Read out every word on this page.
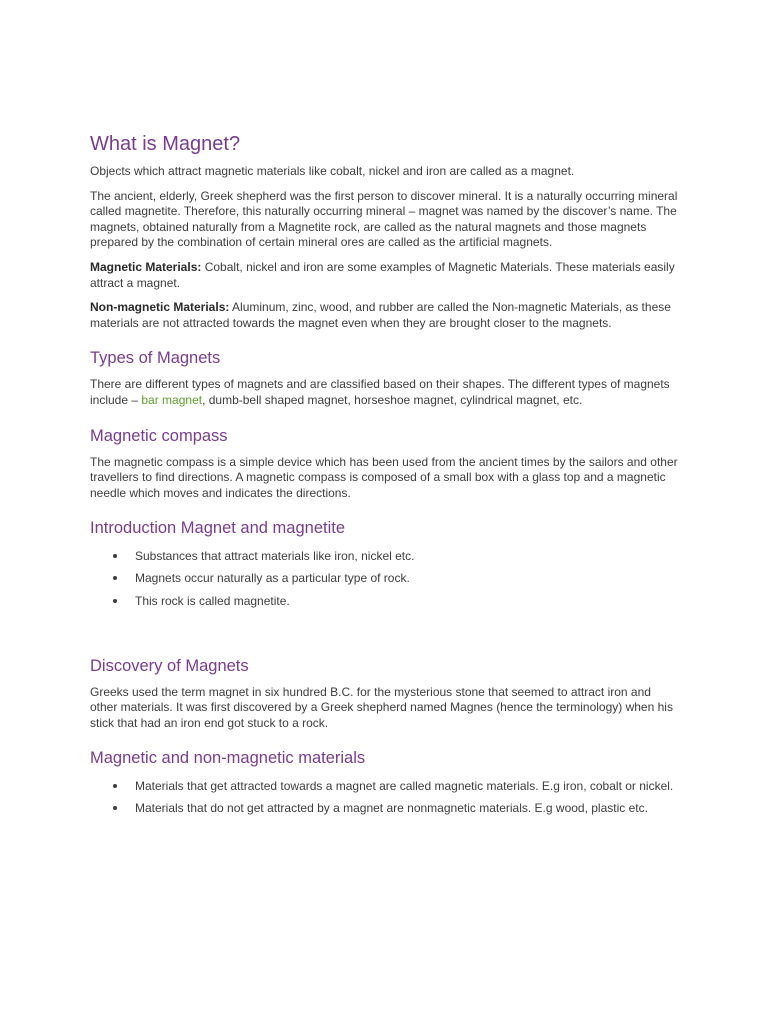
What is Magnet?

Objects which attract magnetic materials like cobalt, nickel and iron are called as a magnet.

The ancient, elderly, Greek shepherd was the first person to discover mineral. It is a naturally occurring mineral called magnetite. Therefore, this naturally occurring mineral – magnet was named by the discover’s name. The magnets, obtained naturally from a Magnetite rock, are called as the natural magnets and those magnets prepared by the combination of certain mineral ores are called as the artificial magnets.

Magnetic Materials: Cobalt, nickel and iron are some examples of Magnetic Materials. These materials easily attract a magnet.

Non-magnetic Materials: Aluminum, zinc, wood, and rubber are called the Non-magnetic Materials, as these materials are not attracted towards the magnet even when they are brought closer to the magnets.

Types of Magnets

There are different types of magnets and are classified based on their shapes. The different types of magnets include – bar magnet, dumb-bell shaped magnet, horseshoe magnet, cylindrical magnet, etc.

Magnetic compass

The magnetic compass is a simple device which has been used from the ancient times by the sailors and other travellers to find directions. A magnetic compass is composed of a small box with a glass top and a magnetic needle which moves and indicates the directions.

Introduction Magnet and magnetite
Substances that attract materials like iron, nickel etc.
Magnets occur naturally as a particular type of rock.
This rock is called magnetite.
Discovery of Magnets

Greeks used the term magnet in six hundred B.C. for the mysterious stone that seemed to attract iron and other materials. It was first discovered by a Greek shepherd named Magnes (hence the terminology) when his stick that had an iron end got stuck to a rock.

Magnetic and non-magnetic materials
Materials that get attracted towards a magnet are called magnetic materials. E.g iron, cobalt or nickel.
Materials that do not get attracted by a magnet are nonmagnetic materials. E.g wood, plastic etc.
